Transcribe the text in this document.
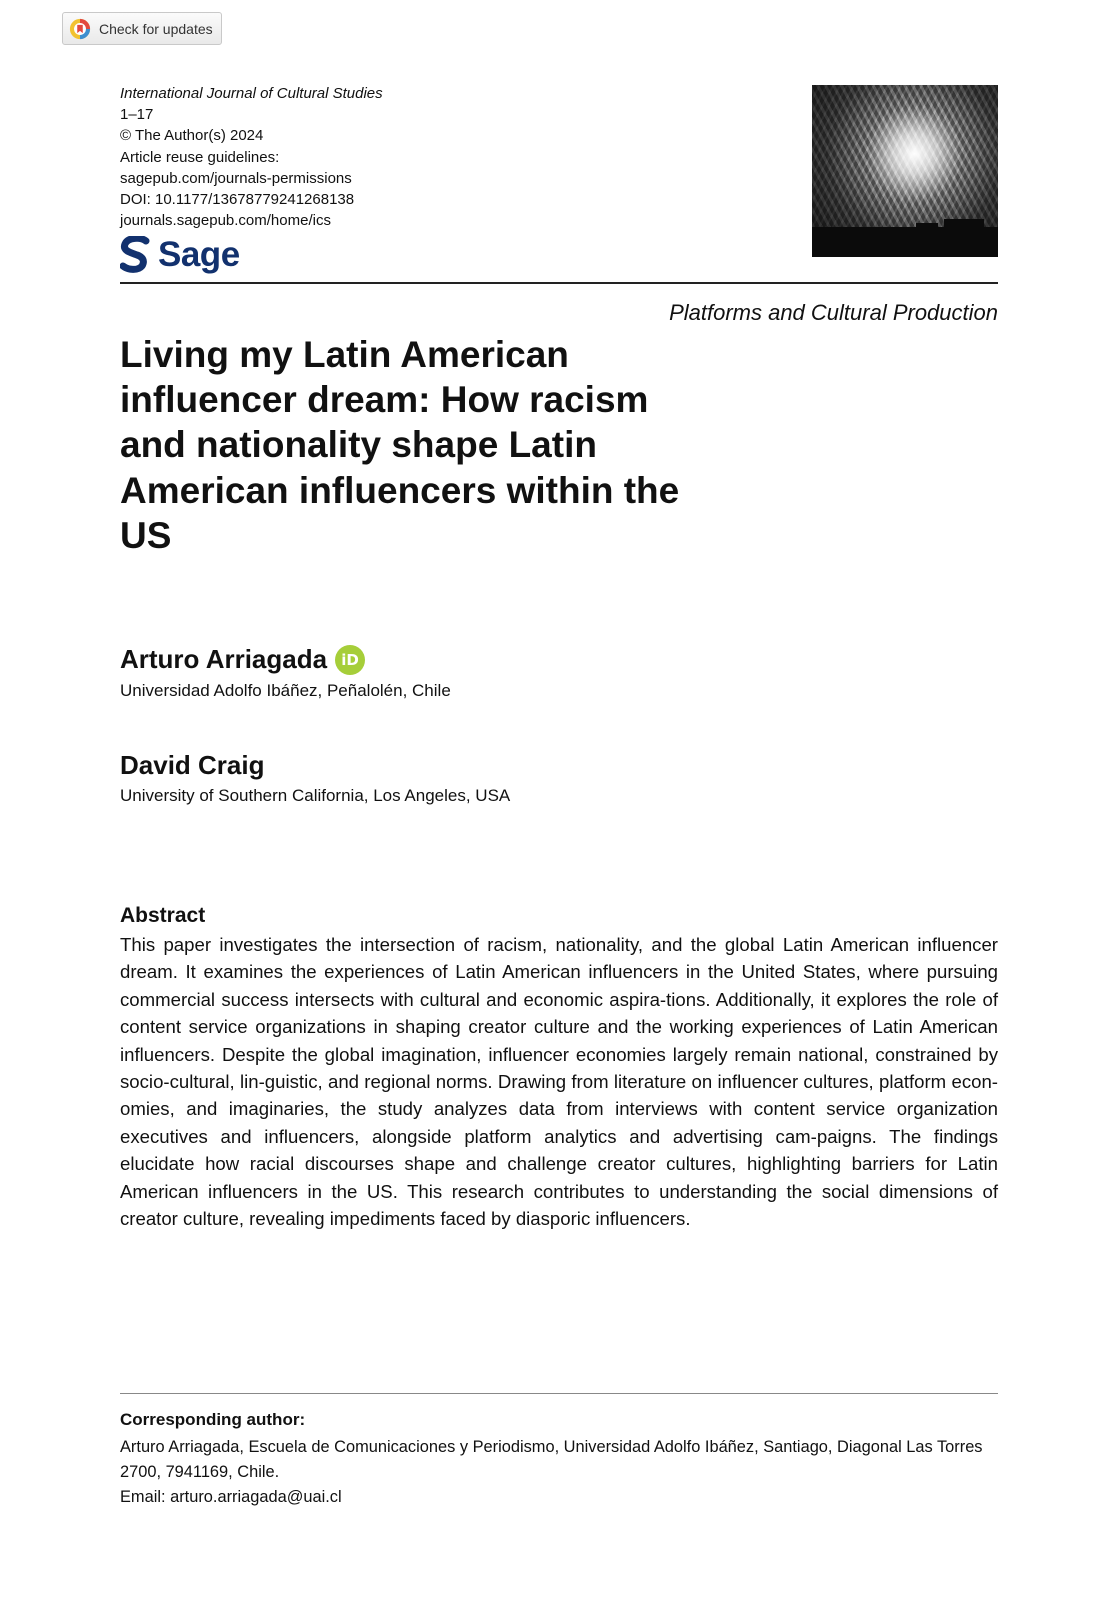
Check for updates
International Journal of Cultural Studies
1–17
© The Author(s) 2024
Article reuse guidelines:
sagepub.com/journals-permissions
DOI: 10.1177/13678779241268138
journals.sagepub.com/home/ics
Sage
Platforms and Cultural Production
Living my Latin American influencer dream: How racism and nationality shape Latin American influencers within the US
Arturo Arriagada iD
Universidad Adolfo Ibáñez, Peñalolén, Chile
David Craig
University of Southern California, Los Angeles, USA
Abstract

This paper investigates the intersection of racism, nationality, and the global Latin American influencer dream. It examines the experiences of Latin American influencers in the United States, where pursuing commercial success intersects with cultural and economic aspira-tions. Additionally, it explores the role of content service organizations in shaping creator culture and the working experiences of Latin American influencers. Despite the global imagination, influencer economies largely remain national, constrained by socio-cultural, lin-guistic, and regional norms. Drawing from literature on influencer cultures, platform econ-omies, and imaginaries, the study analyzes data from interviews with content service organization executives and influencers, alongside platform analytics and advertising cam-paigns. The findings elucidate how racial discourses shape and challenge creator cultures, highlighting barriers for Latin American influencers in the US. This research contributes to understanding the social dimensions of creator culture, revealing impediments faced by diasporic influencers.

Corresponding author:
Arturo Arriagada, Escuela de Comunicaciones y Periodismo, Universidad Adolfo Ibáñez, Santiago, Diagonal Las Torres 2700, 7941169, Chile.
Email: arturo.arriagada@uai.cl
